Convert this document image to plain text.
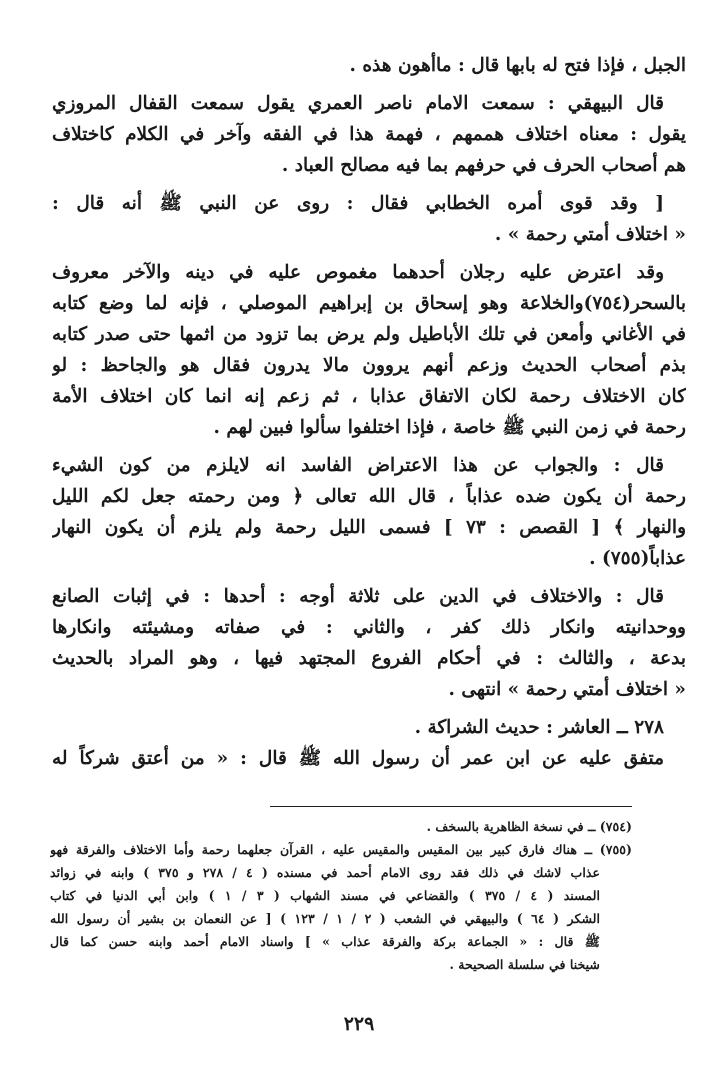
الجبل ، فإذا فتح له بابها قال : ماأهون هذه .
قال البيهقي : سمعت الامام ناصر العمري يقول سمعت القفال المروزي
يقول : معناه اختلاف هممهم ، فهمة هذا في الفقه وآخر في الكلام كاختلاف
هم أصحاب الحرف في حرفهم بما فيه مصالح العباد .
[ وقد قوى أمره الخطابي فقال : روى عن النبي ﷺ أنه قال :
« اختلاف أمتي رحمة » .
وقد اعترض عليه رجلان أحدهما مغموص عليه في دينه والآخر معروف
بالسحر(٧٥٤)والخلاعة وهو إسحاق بن إبراهيم الموصلي ، فإنه لما وضع كتابه
في الأغاني وأمعن في تلك الأباطيل ولم يرض بما تزود من اثمها حتى صدر كتابه
بذم أصحاب الحديث وزعم أنهم يروون مالا يدرون فقال هو والجاحظ : لو
كان الاختلاف رحمة لكان الاتفاق عذابا ، ثم زعم إنه انما كان اختلاف الأمة
رحمة في زمن النبي ﷺ خاصة ، فإذا اختلفوا سألوا فبين لهم .
قال : والجواب عن هذا الاعتراض الفاسد انه لايلزم من كون الشيء
رحمة أن يكون ضده عذاباً ، قال الله تعالى ﴿ ومن رحمته جعل لكم الليل
والنهار ﴾ [ القصص : ٧٣ ] فسمى الليل رحمة ولم يلزم أن يكون النهار
عذاباً(٧٥٥) .
قال : والاختلاف في الدين على ثلاثة أوجه : أحدها : في إثبات الصانع
ووحدانيته وانكار ذلك كفر ، والثاني : في صفاته ومشيئته وانكارها
بدعة ، والثالث : في أحكام الفروع المجتهد فيها ، وهو المراد بالحديث
« اختلاف أمتي رحمة » انتهى .
٢٧٨ ــ العاشر : حديث الشراكة .
متفق عليه عن ابن عمر أن رسول الله ﷺ قال : « من أعتق شركاً له
(٧٥٤) ــ في نسخة الظاهرية بالسخف .
(٧٥٥) ــ هناك فارق كبير بين المقيس والمقيس عليه ، القرآن جعلهما رحمة وأما الاختلاف والفرقة فهو
عذاب لاشك في ذلك فقد روى الامام أحمد في مسنده ( ٤ / ٢٧٨ و ٣٧٥ ) وابنه في زوائد
المسند ( ٤ / ٣٧٥ ) والقضاعي في مسند الشهاب ( ٣ / ١ ) وابن أبي الدنيا في كتاب
الشكر ( ٦٤ ) والبيهقي في الشعب ( ٢ / ١ / ١٢٣ ) [ عن النعمان بن بشير أن رسول الله
ﷺ قال : « الجماعة بركة والفرقة عذاب » ] واسناد الامام أحمد وابنه حسن كما قال
شيخنا في سلسلة الصحيحة .
٢٢٩
